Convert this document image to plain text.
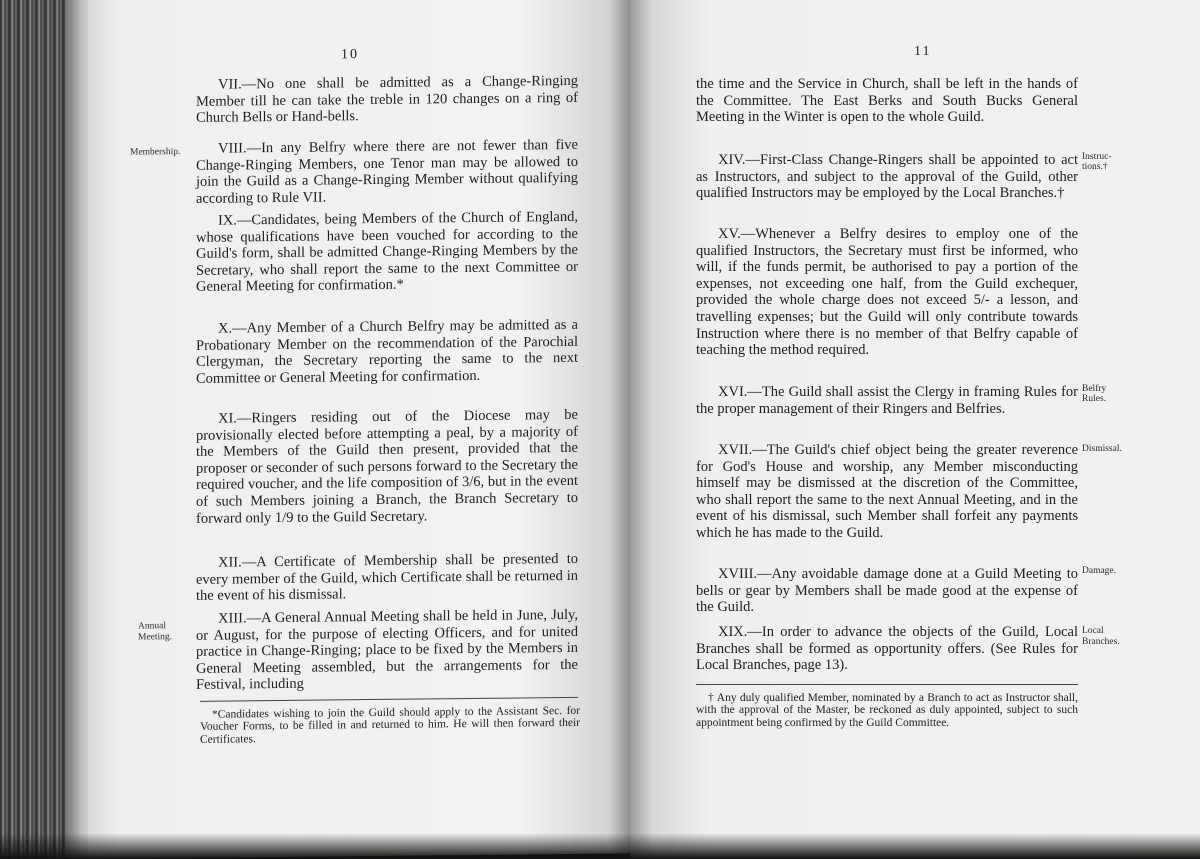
10
VII.—No one shall be admitted as a Change-Ringing Member till he can take the treble in 120 changes on a ring of Church Bells or Hand-bells.
Membership.	VIII.—In any Belfry where there are not fewer than five Change-Ringing Members, one Tenor man may be allowed to join the Guild as a Change-Ringing Member without qualifying according to Rule VII.
IX.—Candidates, being Members of the Church of England, whose qualifications have been vouched for according to the Guild's form, shall be admitted Change-Ringing Members by the Secretary, who shall report the same to the next Committee or General Meeting for confirmation.*
X.—Any Member of a Church Belfry may be admitted as a Probationary Member on the recommendation of the Parochial Clergyman, the Secretary reporting the same to the next Committee or General Meeting for confirmation.
XI.—Ringers residing out of the Diocese may be provisionally elected before attempting a peal, by a majority of the Members of the Guild then present, provided that the proposer or seconder of such persons forward to the Secretary the required voucher, and the life composition of 3/6, but in the event of such Members joining a Branch, the Branch Secretary to forward only 1/9 to the Guild Secretary.
XII.—A Certificate of Membership shall be presented to every member of the Guild, which Certificate shall be returned in the event of his dismissal.
Annual
Meeting.
XIII.—A General Annual Meeting shall be held in June, July, or August, for the purpose of electing Officers, and for united practice in Change-Ringing; place to be fixed by the Members in General Meeting assembled, but the arrangements for the Festival, including
*Candidates wishing to join the Guild should apply to the Assistant Sec. for Voucher Forms, to be filled in and returned to him. He will then forward their Certificates.
11
the time and the Service in Church, shall be left in the hands of the Committee. The East Berks and South Bucks General Meeting in the Winter is open to the whole Guild.
XIV.—First-Class Change-Ringers shall be appointed to act as Instructors, and subject to the approval of the Guild, other qualified Instructors may be employed by the Local Branches.†
Instruc-
tions.†
XV.—Whenever a Belfry desires to employ one of the qualified Instructors, the Secretary must first be informed, who will, if the funds permit, be authorised to pay a portion of the expenses, not exceeding one half, from the Guild exchequer, provided the whole charge does not exceed 5/- a lesson, and travelling expenses; but the Guild will only contribute towards Instruction where there is no member of that Belfry capable of teaching the method required.
XVI.—The Guild shall assist the Clergy in framing Rules for the proper management of their Ringers and Belfries.
Belfry
Rules.
XVII.—The Guild's chief object being the greater reverence for God's House and worship, any Member misconducting himself may be dismissed at the discretion of the Committee, who shall report the same to the next Annual Meeting, and in the event of his dismissal, such Member shall forfeit any payments which he has made to the Guild.
Dismissal.
XVIII.—Any avoidable damage done at a Guild Meeting to bells or gear by Members shall be made good at the expense of the Guild.
Damage.
XIX.—In order to advance the objects of the Guild, Local Branches shall be formed as opportunity offers. (See Rules for Local Branches, page 13).
Local
Branches.
† Any duly qualified Member, nominated by a Branch to act as Instructor shall, with the approval of the Master, be reckoned as duly appointed, subject to such appointment being confirmed by the Guild Committee.
